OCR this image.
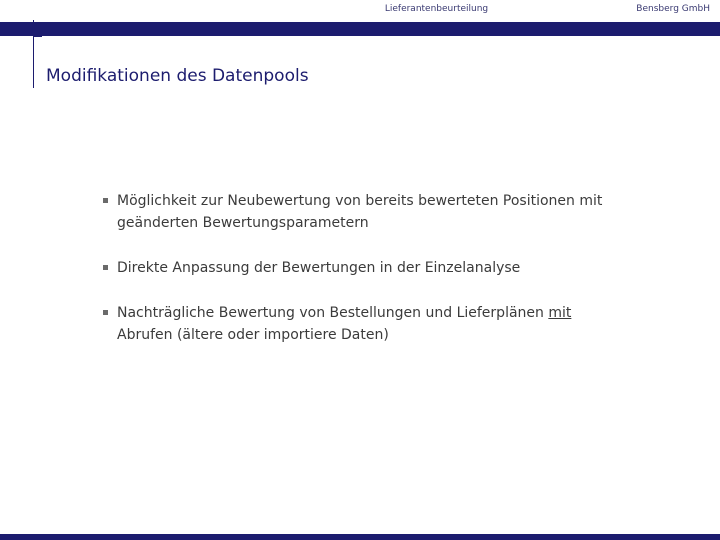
Lieferantenbeurteilung	Bensberg GmbH
Modifikationen des Datenpools
Möglichkeit zur Neubewertung von bereits bewerteten Positionen mit
geänderten Bewertungsparametern
Direkte Anpassung der Bewertungen in der Einzelanalyse
Nachträgliche Bewertung von Bestellungen und Lieferplänen mit
Abrufen (ältere oder importiere Daten)
